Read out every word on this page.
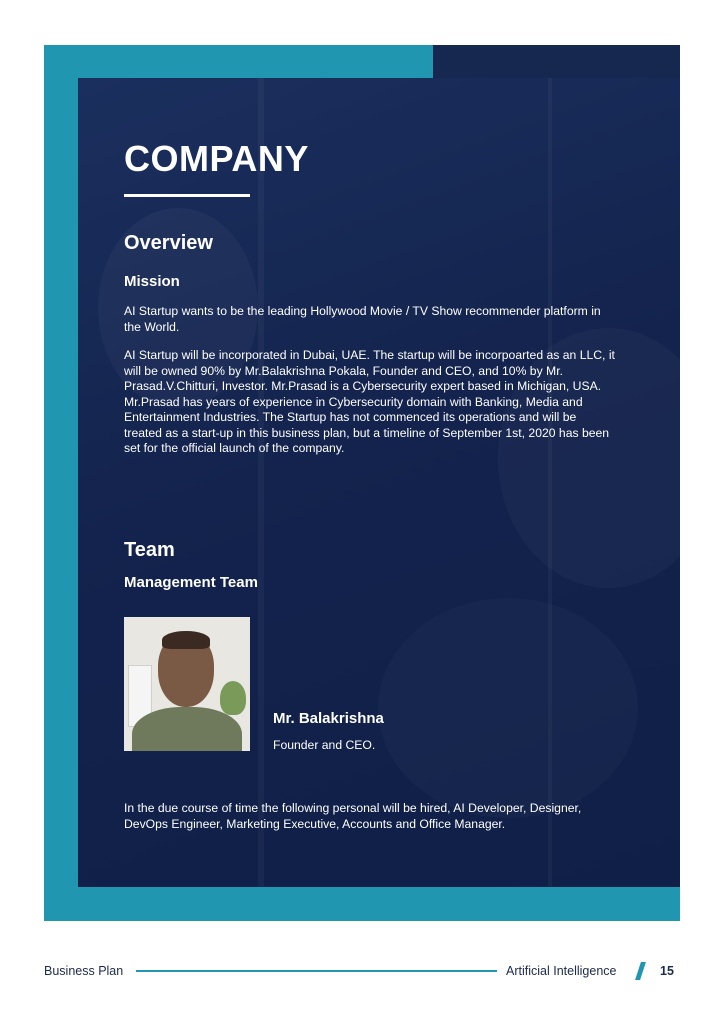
COMPANY
Overview
Mission

AI Startup wants to be the leading Hollywood Movie / TV Show recommender platform in the World.

AI Startup will be incorporated in Dubai, UAE. The startup will be incorpoarted as an LLC, it will be owned 90% by Mr.Balakrishna Pokala, Founder and CEO, and 10% by Mr. Prasad.V.Chitturi, Investor. Mr.Prasad is a Cybersecurity expert based in Michigan, USA. Mr.Prasad has years of experience in Cybersecurity domain with Banking, Media and Entertainment Industries. The Startup has not commenced its operations and will be treated as a start-up in this business plan, but a timeline of September 1st, 2020 has been set for the official launch of the company.

Team
Management Team
Mr. Balakrishna

Founder and CEO.

In the due course of time the following personal will be hired, AI Developer, Designer, DevOps Engineer, Marketing Executive, Accounts and Office Manager.

Business Plan	Artificial Intelligence	15
